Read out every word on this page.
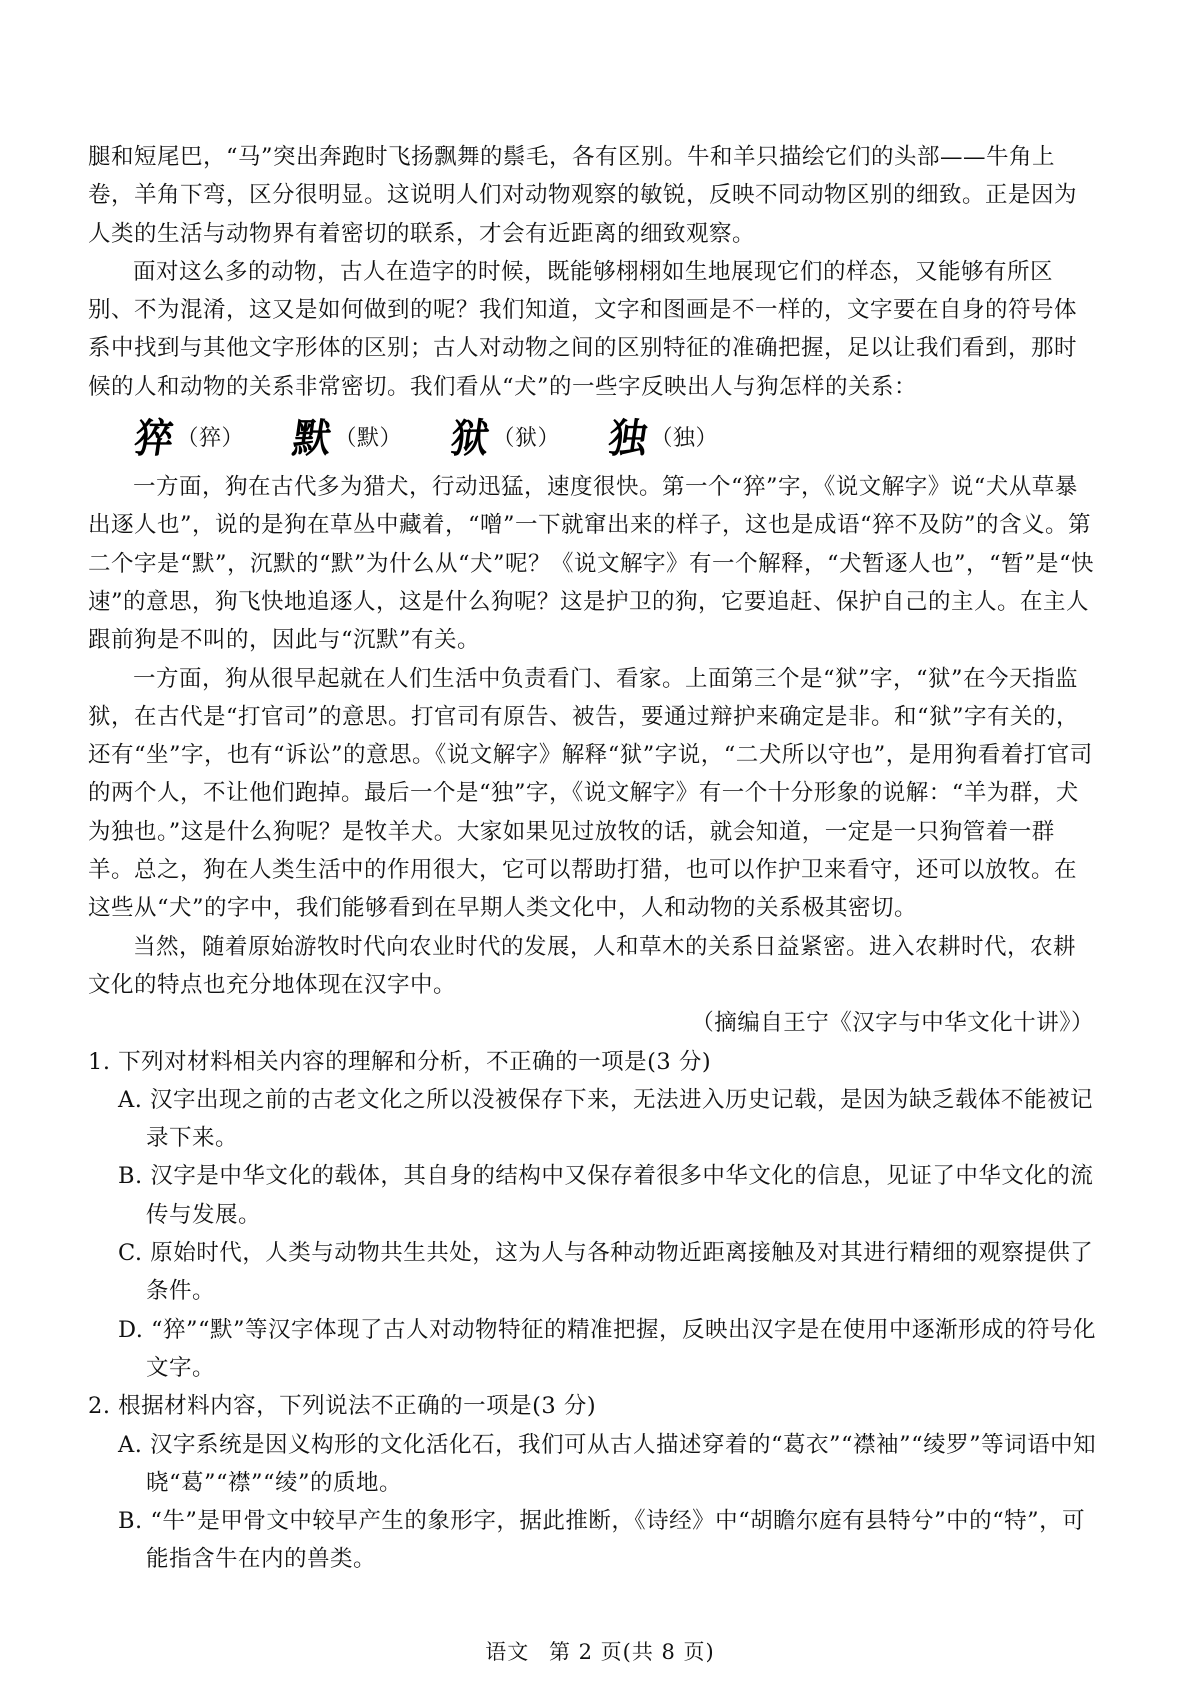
腿和短尾巴，“马”突出奔跑时飞扬飘舞的鬃毛，各有区别。牛和羊只描绘它们的头部——牛角上卷，羊角下弯，区分很明显。这说明人们对动物观察的敏锐，反映不同动物区别的细致。正是因为人类的生活与动物界有着密切的联系，才会有近距离的细致观察。

面对这么多的动物，古人在造字的时候，既能够栩栩如生地展现它们的样态，又能够有所区别、不为混淆，这又是如何做到的呢？我们知道，文字和图画是不一样的，文字要在自身的符号体系中找到与其他文字形体的区别；古人对动物之间的区别特征的准确把握，足以让我们看到，那时候的人和动物的关系非常密切。我们看从“犬”的一些字反映出人与狗怎样的关系：

猝 （猝） 默 （默） 狱 （狱） 独 （独）

一方面，狗在古代多为猎犬，行动迅猛，速度很快。第一个“猝”字，《说文解字》说“犬从草暴出逐人也”，说的是狗在草丛中藏着，“噌”一下就窜出来的样子，这也是成语“猝不及防”的含义。第二个字是“默”，沉默的“默”为什么从“犬”呢？《说文解字》有一个解释，“犬暂逐人也”，“暂”是“快速”的意思，狗飞快地追逐人，这是什么狗呢？这是护卫的狗，它要追赶、保护自己的主人。在主人跟前狗是不叫的，因此与“沉默”有关。

一方面，狗从很早起就在人们生活中负责看门、看家。上面第三个是“狱”字，“狱”在今天指监狱，在古代是“打官司”的意思。打官司有原告、被告，要通过辩护来确定是非。和“狱”字有关的，还有“坐”字，也有“诉讼”的意思。《说文解字》解释“狱”字说，“二犬所以守也”，是用狗看着打官司的两个人，不让他们跑掉。最后一个是“独”字，《说文解字》有一个十分形象的说解：“羊为群，犬为独也。”这是什么狗呢？是牧羊犬。大家如果见过放牧的话，就会知道，一定是一只狗管着一群羊。总之，狗在人类生活中的作用很大，它可以帮助打猎，也可以作护卫来看守，还可以放牧。在这些从“犬”的字中，我们能够看到在早期人类文化中，人和动物的关系极其密切。

当然，随着原始游牧时代向农业时代的发展，人和草木的关系日益紧密。进入农耕时代，农耕文化的特点也充分地体现在汉字中。

（摘编自王宁《汉字与中华文化十讲》）

1. 下列对材料相关内容的理解和分析，不正确的一项是(3 分)

A. 汉字出现之前的古老文化之所以没被保存下来，无法进入历史记载，是因为缺乏载体不能被记录下来。
B. 汉字是中华文化的载体，其自身的结构中又保存着很多中华文化的信息，见证了中华文化的流传与发展。
C. 原始时代，人类与动物共生共处，这为人与各种动物近距离接触及对其进行精细的观察提供了条件。
D. “猝”“默”等汉字体现了古人对动物特征的精准把握，反映出汉字是在使用中逐渐形成的符号化文字。

2. 根据材料内容，下列说法不正确的一项是(3 分)

A. 汉字系统是因义构形的文化活化石，我们可从古人描述穿着的“葛衣”“襟袖”“绫罗”等词语中知晓“葛”“襟”“绫”的质地。
B. “牛”是甲骨文中较早产生的象形字，据此推断，《诗经》中“胡瞻尔庭有县特兮”中的“特”，可能指含牛在内的兽类。
语文 第 2 页(共 8 页)
